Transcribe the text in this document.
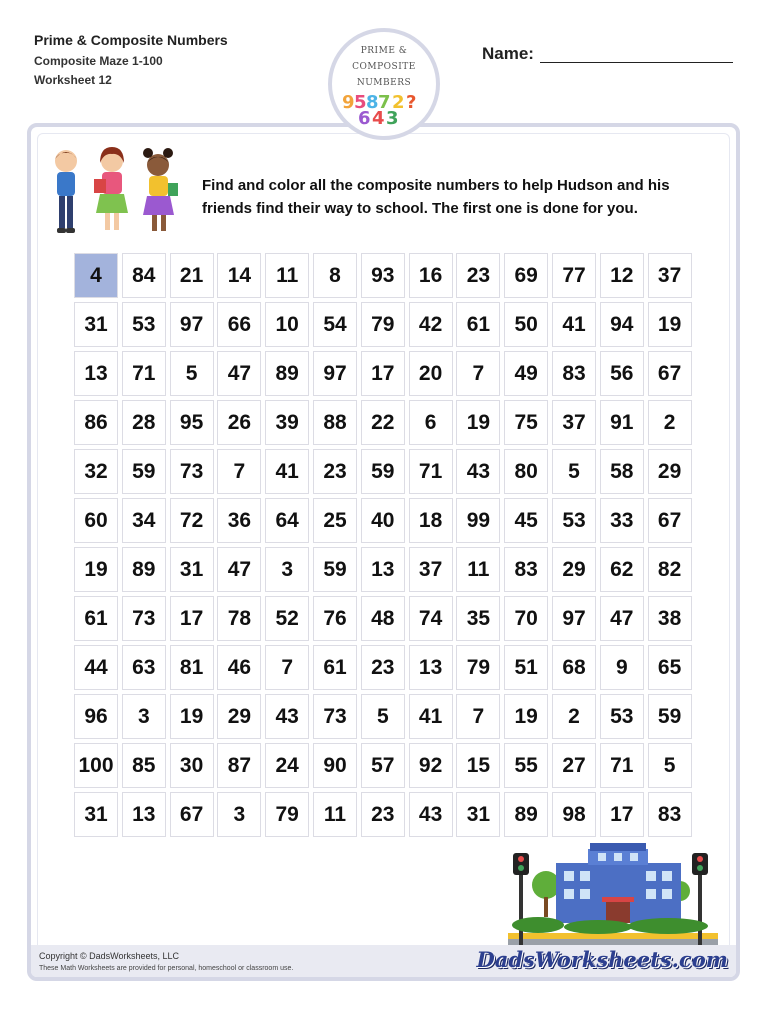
Prime & Composite Numbers
Composite Maze 1-100
Worksheet 12
Name:
PRIME &
COMPOSITE
NUMBERS
9 5 8 7 2 ?
6 4 3
Find and color all the composite numbers to help Hudson and his friends find their way to school. The first one is done for you.
4	84	21	14	11	8	93	16	23	69	77	12	37
31	53	97	66	10	54	79	42	61	50	41	94	19
13	71	5	47	89	97	17	20	7	49	83	56	67
86	28	95	26	39	88	22	6	19	75	37	91	2
32	59	73	7	41	23	59	71	43	80	5	58	29
60	34	72	36	64	25	40	18	99	45	53	33	67
19	89	31	47	3	59	13	37	11	83	29	62	82
61	73	17	78	52	76	48	74	35	70	97	47	38
44	63	81	46	7	61	23	13	79	51	68	9	65
96	3	19	29	43	73	5	41	7	19	2	53	59
100 85	30	87	24	90	57	92	15	55	27	71	5
31	13	67	3	79	11	23	43	31	89	98	17	83
Copyright © DadsWorksheets, LLC
These Math Worksheets are provided for personal, homeschool or classroom use.	DadsWorksheets.com
